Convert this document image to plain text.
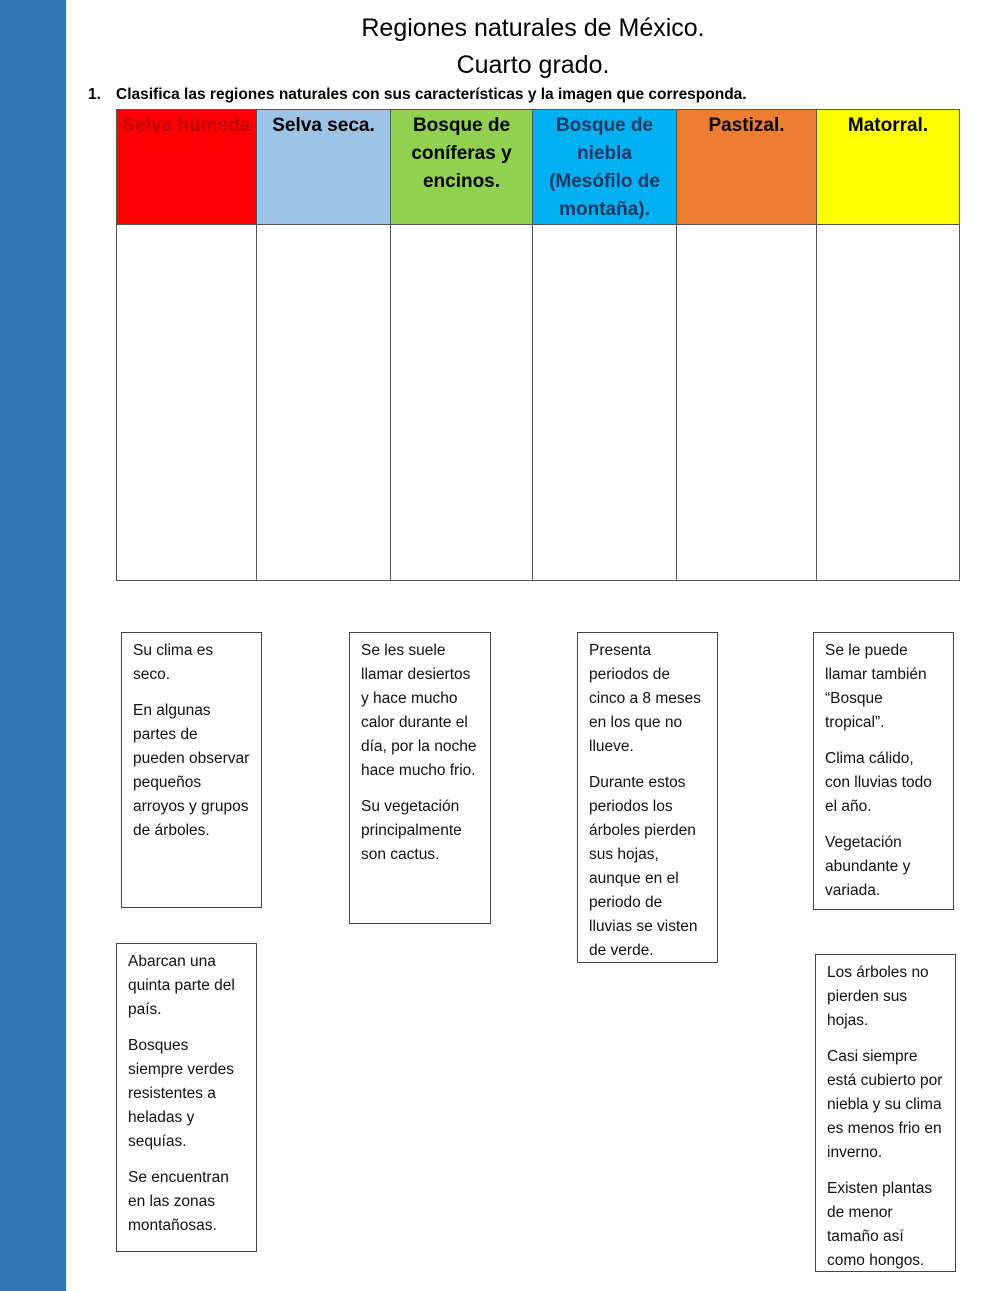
Regiones naturales de México.
Cuarto grado.
1. Clasifica las regiones naturales con sus características y la imagen que corresponda.
Selva húmeda	Selva seca.	Bosque de coníferas y encinos.	Bosque de niebla (Mesófilo de montaña).	Pastizal.	Matorral.

Su clima es seco.

En algunas partes de pueden observar pequeños arroyos y grupos de árboles.

Se les suele llamar desiertos y hace mucho calor durante el día, por la noche hace mucho frio.

Su vegetación principalmente son cactus.

Presenta periodos de cinco a 8 meses en los que no llueve.

Durante estos periodos los árboles pierden sus hojas, aunque en el periodo de lluvias se visten de verde.

Se le puede llamar también “Bosque tropical”.

Clima cálido, con lluvias todo el año.

Vegetación abundante y variada.

Abarcan una quinta parte del país.

Bosques siempre verdes resistentes a heladas y sequías.

Se encuentran en las zonas montañosas.

Los árboles no pierden sus hojas.

Casi siempre está cubierto por niebla y su clima es menos frio en inverno.

Existen plantas de menor tamaño así como hongos.
